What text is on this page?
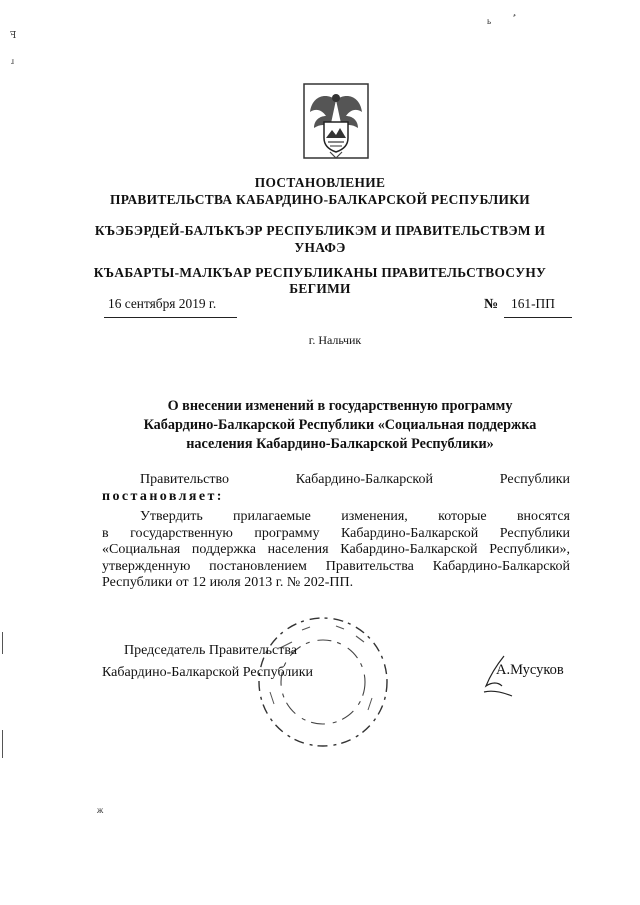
ꟻ
ɹ
ь
ж
ПОСТАНОВЛЕНИЕ
ПРАВИТЕЛЬСТВА КАБАРДИНО-БАЛКАРСКОЙ РЕСПУБЛИКИ
КЪЭБЭРДЕЙ-БАЛЪКЪЭР РЕСПУБЛИКЭМ И ПРАВИТЕЛЬСТВЭМ И
УНАФЭ
КЪАБАРТЫ-МАЛКЪАР РЕСПУБЛИКАНЫ ПРАВИТЕЛЬСТВОСУНУ
БЕГИМИ
16 сентября 2019 г.	№ 161-ПП
г. Нальчик
О внесении изменений в государственную программу
Кабардино-Балкарской Республики «Социальная поддержка
населения Кабардино-Балкарской Республики»
Правительство Кабардино-Балкарской Республики
постановляет:
Утвердить прилагаемые изменения, которые вносятся
в государственную программу Кабардино-Балкарской Республики
«Социальная поддержка населения Кабардино-Балкарской Республики»,
утвержденную постановлением Правительства Кабардино-Балкарской
Республики от 12 июля 2013 г. № 202-ПП.
Председатель Правительства
Кабардино-Балкарской Республики	А.Мусуков
